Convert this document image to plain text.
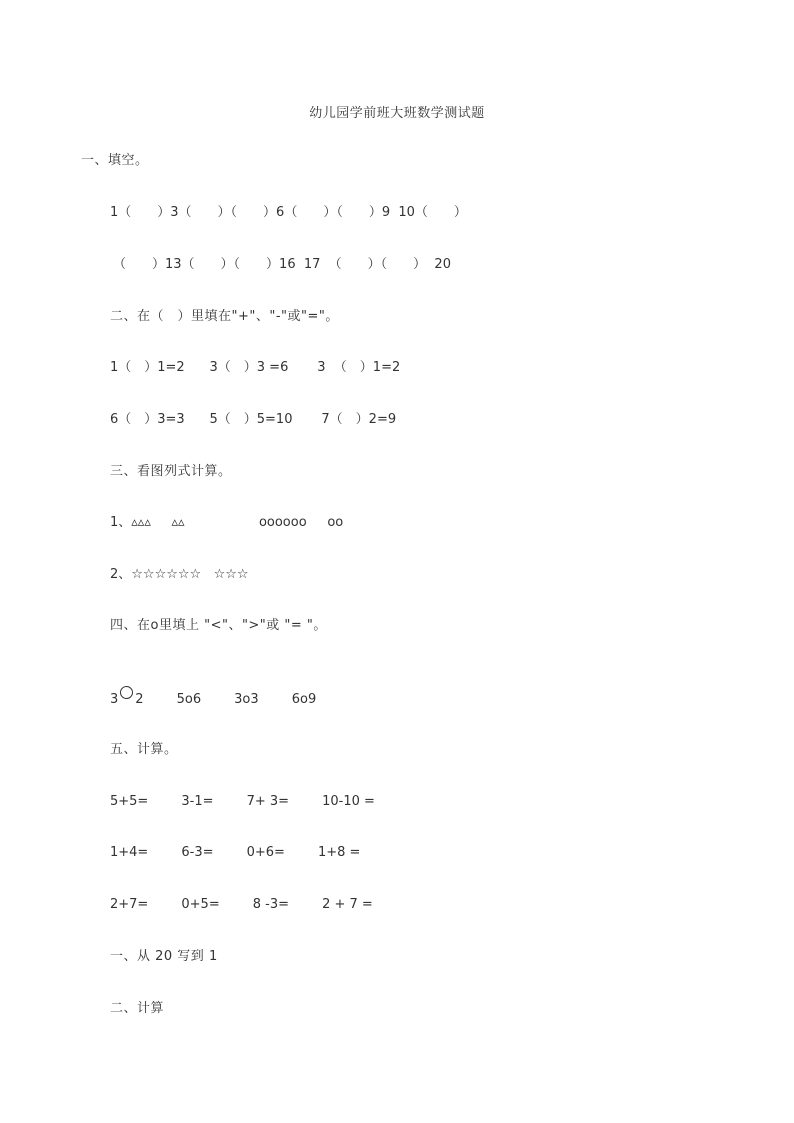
幼儿园学前班大班数学测试题
一、填空。
1（　　）3（　　）（　　）6（　　）（　　）9  10（　　）
（　　）13（　　）（　　）16  17  （　　）（　　）  20
二、在（　）里填在"+"、"-"或"="。
1（　）1=2      3（　）3 =6       3  （　）1=2
6（　）3=3      5（　）5=10       7（　）2=9
三、看图列式计算。
1、▵▵▵     ▵▵                  oooooo     oo
2、☆☆☆☆☆☆   ☆☆☆
四、在o里填上 "<"、">"或 "= "。
3 2        5o6        3o3        6o9
五、计算。
5+5=        3-1=        7+ 3=        10-10 =
1+4=        6-3=        0+6=        1+8 =
2+7=        0+5=        8 -3=        2 + 7 =
一、从 20 写到 1
二、计算
